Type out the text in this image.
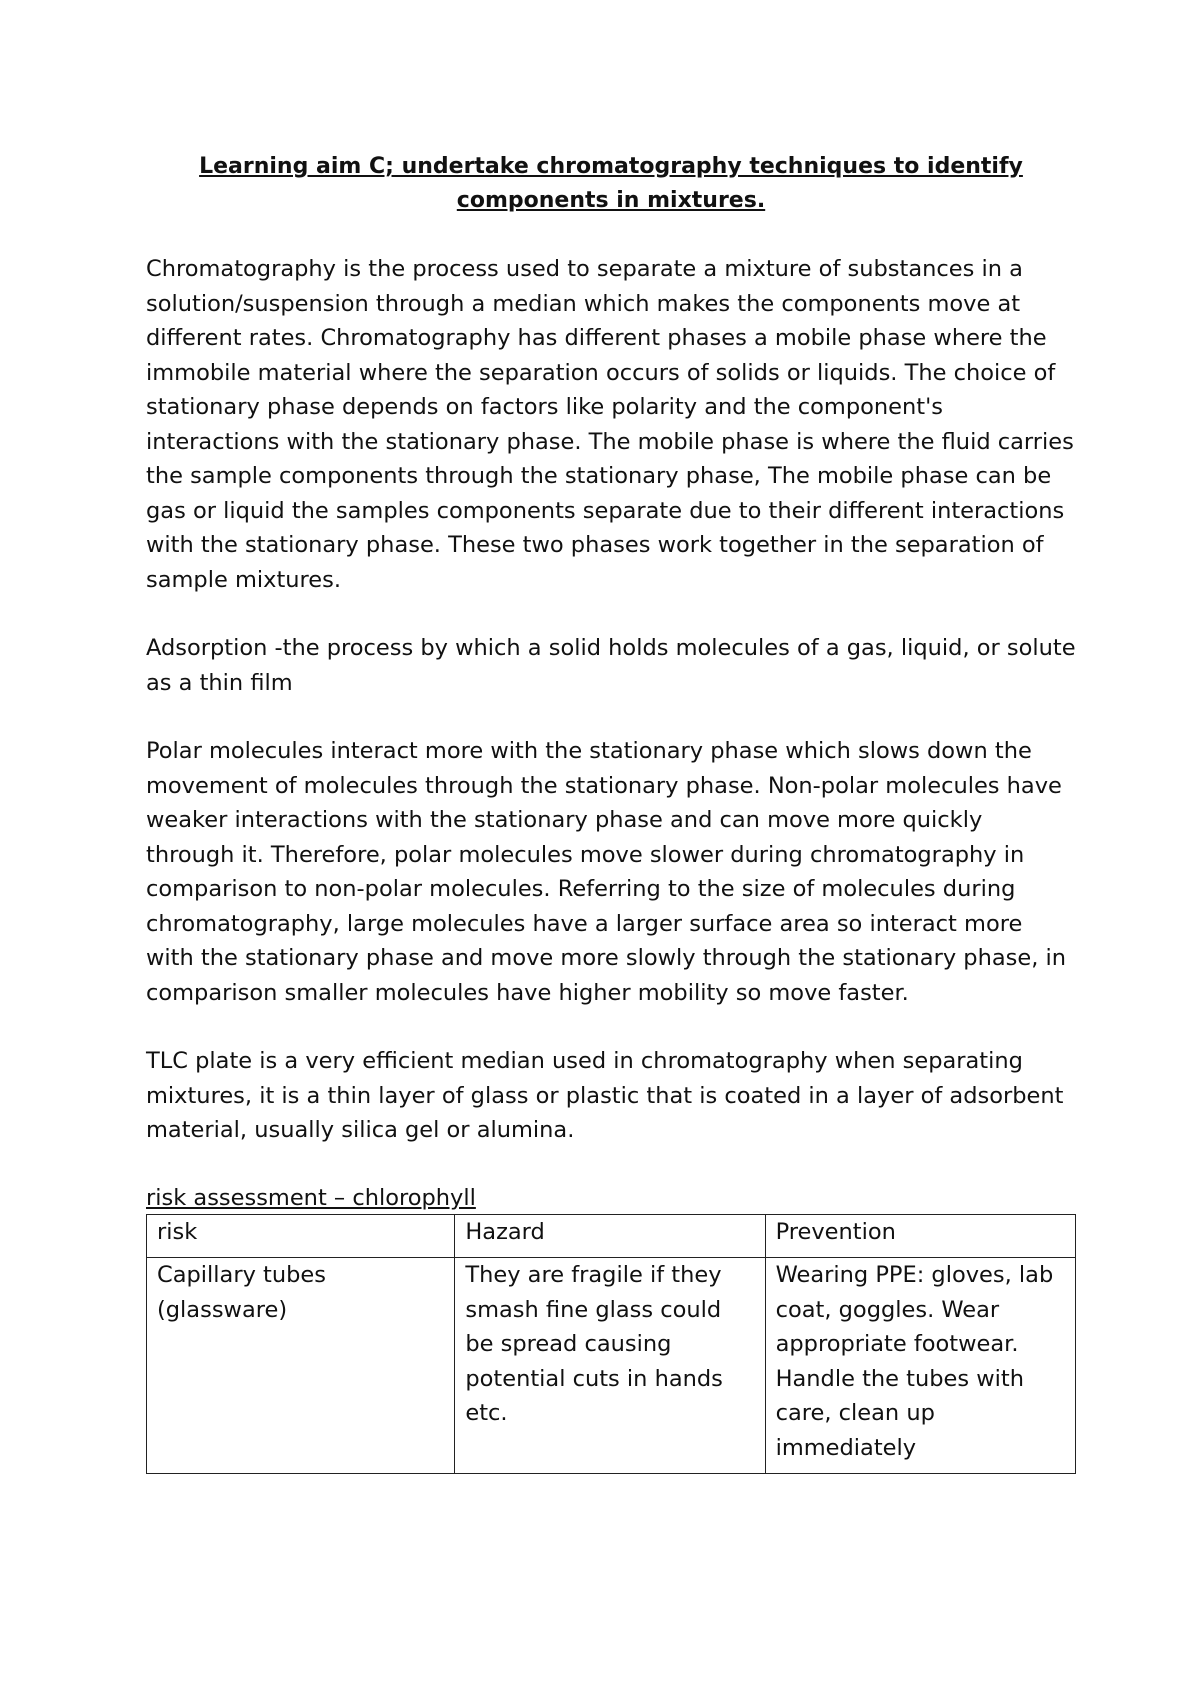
Learning aim C; undertake chromatography techniques to identify
components in mixtures.

Chromatography is the process used to separate a mixture of substances in a solution/suspension through a median which makes the components move at different rates. Chromatography has different phases a mobile phase where the immobile material where the separation occurs of solids or liquids. The choice of stationary phase depends on factors like polarity and the component's interactions with the stationary phase. The mobile phase is where the fluid carries the sample components through the stationary phase, The mobile phase can be gas or liquid the samples components separate due to their different interactions with the stationary phase. These two phases work together in the separation of sample mixtures.

Adsorption -the process by which a solid holds molecules of a gas, liquid, or solute as a thin film

Polar molecules interact more with the stationary phase which slows down the movement of molecules through the stationary phase. Non-polar molecules have weaker interactions with the stationary phase and can move more quickly through it. Therefore, polar molecules move slower during chromatography in comparison to non-polar molecules. Referring to the size of molecules during chromatography, large molecules have a larger surface area so interact more with the stationary phase and move more slowly through the stationary phase, in comparison smaller molecules have higher mobility so move faster.

TLC plate is a very efficient median used in chromatography when separating mixtures, it is a thin layer of glass or plastic that is coated in a layer of adsorbent material, usually silica gel or alumina.

risk assessment – chlorophyll
risk	Hazard	Prevention
Capillary tubes (glassware)	They are fragile if they smash fine glass could be spread causing potential cuts in hands etc.	Wearing PPE: gloves, lab coat, goggles. Wear appropriate footwear. Handle the tubes with care, clean up immediately
